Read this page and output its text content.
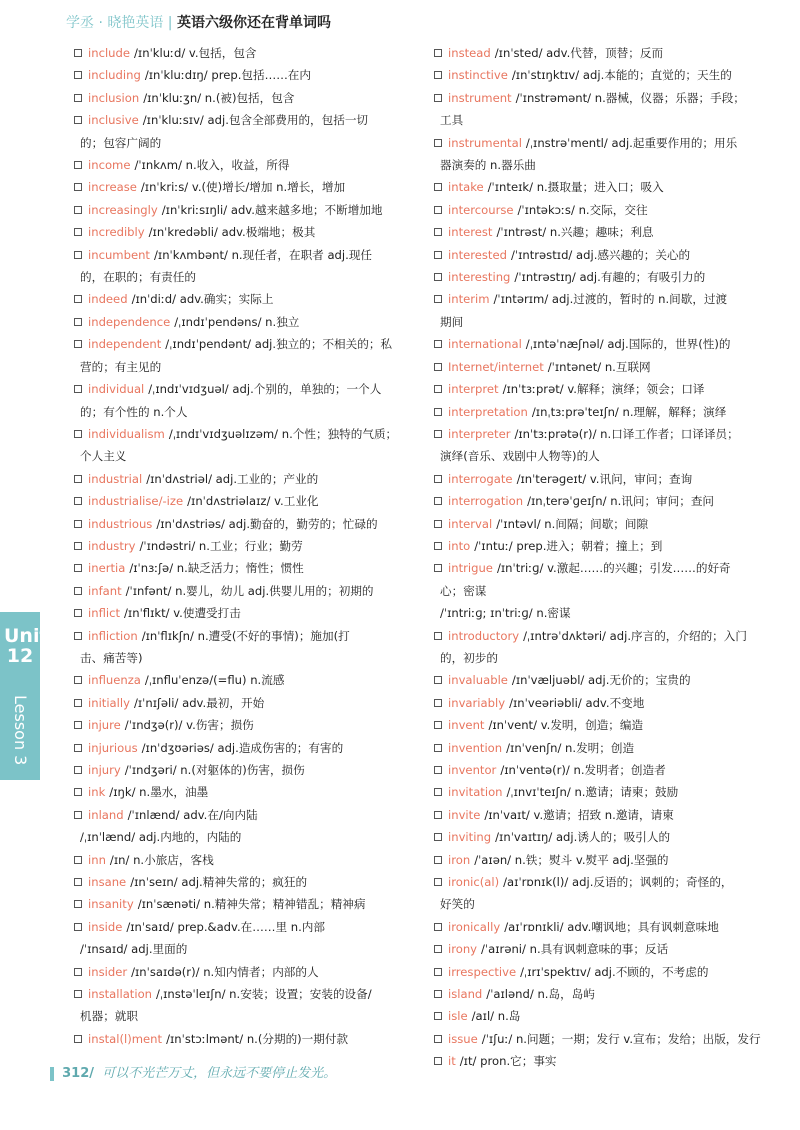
学丞 · 晓艳英语 | 英语六级你还在背单词吗
include /ɪnˈkluːd/ v.包括，包含
including /ɪnˈkluːdɪŋ/ prep.包括……在内
inclusion /ɪnˈkluːʒn/ n.(被)包括，包含
inclusive /ɪnˈkluːsɪv/ adj.包含全部费用的，包括一切
的；包容广阔的
income /ˈɪnkʌm/ n.收入，收益，所得
increase /ɪnˈkriːs/ v.(使)增长/增加 n.增长，增加
increasingly /ɪnˈkriːsɪŋli/ adv.越来越多地；不断增加地
incredibly /ɪnˈkredəbli/ adv.极端地；极其
incumbent /ɪnˈkʌmbənt/ n.现任者，在职者 adj.现任
的，在职的；有责任的
indeed /ɪnˈdiːd/ adv.确实；实际上
independence /ˌɪndɪˈpendəns/ n.独立
independent /ˌɪndɪˈpendənt/ adj.独立的；不相关的；私
营的；有主见的
individual /ˌɪndɪˈvɪdʒuəl/ adj.个别的，单独的；一个人
的；有个性的 n.个人
individualism /ˌɪndɪˈvɪdʒuəlɪzəm/ n.个性；独特的气质；
个人主义
industrial /ɪnˈdʌstriəl/ adj.工业的；产业的
industrialise/-ize /ɪnˈdʌstriəlaɪz/ v.工业化
industrious /ɪnˈdʌstriəs/ adj.勤奋的，勤劳的；忙碌的
industry /ˈɪndəstri/ n.工业；行业；勤劳
inertia /ɪˈnɜːʃə/ n.缺乏活力；惰性；惯性
infant /ˈɪnfənt/ n.婴儿，幼儿 adj.供婴儿用的；初期的
inflict /ɪnˈflɪkt/ v.使遭受打击
infliction /ɪnˈflɪkʃn/ n.遭受(不好的事情)；施加(打
击、痛苦等)
influenza /ˌɪnfluˈenzə/(=flu) n.流感
initially /ɪˈnɪʃəli/ adv.最初，开始
injure /ˈɪndʒə(r)/ v.伤害；损伤
injurious /ɪnˈdʒʊəriəs/ adj.造成伤害的；有害的
injury /ˈɪndʒəri/ n.(对躯体的)伤害，损伤
ink /ɪŋk/ n.墨水，油墨
inland /ˈɪnlænd/ adv.在/向内陆
/ˌɪnˈlænd/ adj.内地的，内陆的
inn /ɪn/ n.小旅店，客栈
insane /ɪnˈseɪn/ adj.精神失常的；疯狂的
insanity /ɪnˈsænəti/ n.精神失常；精神错乱；精神病
inside /ɪnˈsaɪd/ prep.&adv.在……里 n.内部
/ˈɪnsaɪd/ adj.里面的
insider /ɪnˈsaɪdə(r)/ n.知内情者；内部的人
installation /ˌɪnstəˈleɪʃn/ n.安装；设置；安装的设备/
机器；就职
instal(l)ment /ɪnˈstɔːlmənt/ n.(分期的)一期付款
instead /ɪnˈsted/ adv.代替，顶替；反而
instinctive /ɪnˈstɪŋktɪv/ adj.本能的；直觉的；天生的
instrument /ˈɪnstrəmənt/ n.器械，仪器；乐器；手段；
工具
instrumental /ˌɪnstrəˈmentl/ adj.起重要作用的；用乐
器演奏的 n.器乐曲
intake /ˈɪnteɪk/ n.摄取量；进入口；吸入
intercourse /ˈɪntəkɔːs/ n.交际，交往
interest /ˈɪntrəst/ n.兴趣；趣味；利息
interested /ˈɪntrəstɪd/ adj.感兴趣的；关心的
interesting /ˈɪntrəstɪŋ/ adj.有趣的；有吸引力的
interim /ˈɪntərɪm/ adj.过渡的，暂时的 n.间歇，过渡
期间
international /ˌɪntəˈnæʃnəl/ adj.国际的，世界(性)的
Internet/internet /ˈɪntənet/ n.互联网
interpret /ɪnˈtɜːprət/ v.解释；演绎；领会；口译
interpretation /ɪnˌtɜːprəˈteɪʃn/ n.理解，解释；演绎
interpreter /ɪnˈtɜːprətə(r)/ n.口译工作者；口译译员；
演绎(音乐、戏剧中人物等)的人
interrogate /ɪnˈterəɡeɪt/ v.讯问，审问；查询
interrogation /ɪnˌterəˈɡeɪʃn/ n.讯问；审问；查问
interval /ˈɪntəvl/ n.间隔；间歇；间隙
into /ˈɪntuː/ prep.进入；朝着；撞上；到
intrigue /ɪnˈtriːɡ/ v.激起……的兴趣；引发……的好奇
心；密谋
/ˈɪntriːɡ; ɪnˈtriːɡ/ n.密谋
introductory /ˌɪntrəˈdʌktəri/ adj.序言的，介绍的；入门
的，初步的
invaluable /ɪnˈvæljuəbl/ adj.无价的；宝贵的
invariably /ɪnˈveəriəbli/ adv.不变地
invent /ɪnˈvent/ v.发明，创造；编造
invention /ɪnˈvenʃn/ n.发明；创造
inventor /ɪnˈventə(r)/ n.发明者；创造者
invitation /ˌɪnvɪˈteɪʃn/ n.邀请；请柬；鼓励
invite /ɪnˈvaɪt/ v.邀请；招致 n.邀请，请柬
inviting /ɪnˈvaɪtɪŋ/ adj.诱人的；吸引人的
iron /ˈaɪən/ n.铁；熨斗 v.熨平 adj.坚强的
ironic(al) /aɪˈrɒnɪk(l)/ adj.反语的；讽刺的；奇怪的，
好笑的
ironically /aɪˈrɒnɪkli/ adv.嘲讽地；具有讽刺意味地
irony /ˈaɪrəni/ n.具有讽刺意味的事；反话
irrespective /ˌɪrɪˈspektɪv/ adj.不顾的，不考虑的
island /ˈaɪlənd/ n.岛，岛屿
isle /aɪl/ n.岛
issue /ˈɪʃuː/ n.问题；一期；发行 v.宣布；发给；出版，发行
it /ɪt/ pron.它；事实
Unit 12
Lesson 3
312/ 可以不光芒万丈，但永远不要停止发光。
